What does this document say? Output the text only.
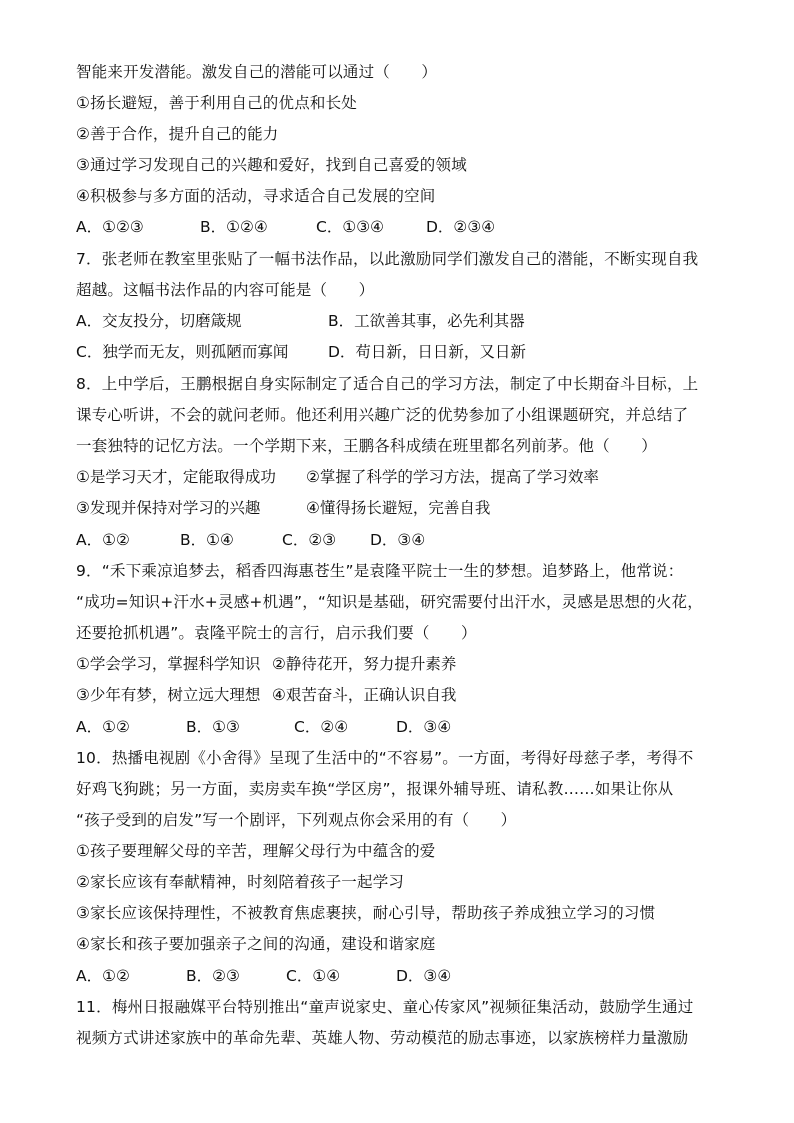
智能来开发潜能。激发自己的潜能可以通过（　　）
①扬长避短，善于利用自己的优点和长处
②善于合作，提升自己的能力
③通过学习发现自己的兴趣和爱好，找到自己喜爱的领域
④积极参与多方面的活动，寻求适合自己发展的空间
A．①②③	B．①②④	C．①③④	D．②③④
7．张老师在教室里张贴了一幅书法作品，以此激励同学们激发自己的潜能，不断实现自我
超越。这幅书法作品的内容可能是（　　）
A．交友投分，切磨箴规	B．工欲善其事，必先利其器
C．独学而无友，则孤陋而寡闻	D．苟日新，日日新，又日新
8．上中学后，王鹏根据自身实际制定了适合自己的学习方法，制定了中长期奋斗目标，上
课专心听讲，不会的就问老师。他还利用兴趣广泛的优势参加了小组课题研究，并总结了
一套独特的记忆方法。一个学期下来，王鹏各科成绩在班里都名列前茅。他（　　）
①是学习天才，定能取得成功 ②掌握了科学的学习方法，提高了学习效率
③发现并保持对学习的兴趣	④懂得扬长避短，完善自我
A．①②	B．①④	C．②③ D．③④
9．“禾下乘凉追梦去，稻香四海惠苍生”是袁隆平院士一生的梦想。追梦路上，他常说：
“成功=知识+汗水+灵感+机遇”，“知识是基础，研究需要付出汗水，灵感是思想的火花，
还要抢抓机遇”。袁隆平院士的言行，启示我们要（　　）
①学会学习，掌握科学知识 ②静待花开，努力提升素养
③少年有梦，树立远大理想 ④艰苦奋斗，正确认识自我
A．①②	B．①③	C．②④	D．③④
10．热播电视剧《小舍得》呈现了生活中的“不容易”。一方面，考得好母慈子孝，考得不
好鸡飞狗跳；另一方面，卖房卖车换“学区房”，报课外辅导班、请私教……如果让你从
“孩子受到的启发”写一个剧评，下列观点你会采用的有（　　）
①孩子要理解父母的辛苦，理解父母行为中蕴含的爱
②家长应该有奉献精神，时刻陪着孩子一起学习
③家长应该保持理性，不被教育焦虑裹挟，耐心引导，帮助孩子养成独立学习的习惯
④家长和孩子要加强亲子之间的沟通，建设和谐家庭
A．①②	B．②③	C．①④	D．③④
11．梅州日报融媒平台特别推出“童声说家史、童心传家风”视频征集活动，鼓励学生通过
视频方式讲述家族中的革命先辈、英雄人物、劳动模范的励志事迹，以家族榜样力量激励
